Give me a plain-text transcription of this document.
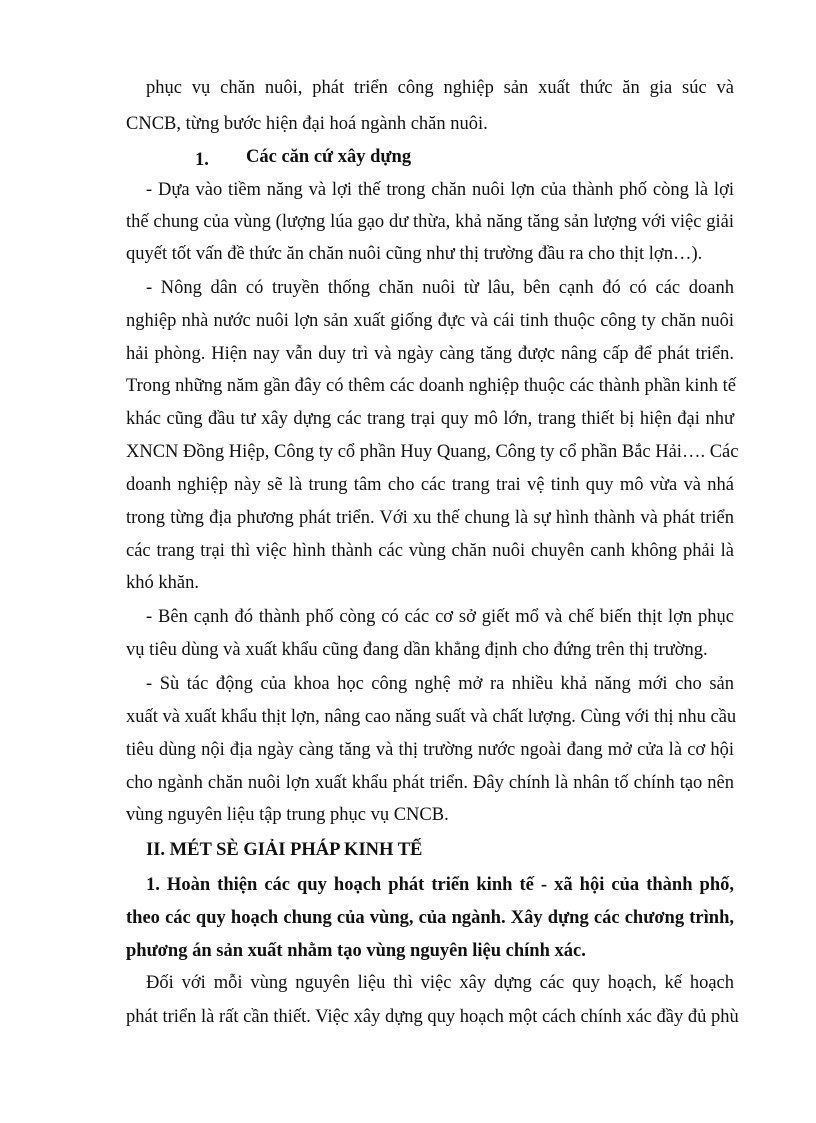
phục vụ chăn nuôi, phát triển công nghiệp sản xuất thức ăn gia súc và
CNCB, từng bước hiện đại hoá ngành chăn nuôi.
1. Các căn cứ xây dựng
- Dựa vào tiềm năng và lợi thế trong chăn nuôi lợn của thành phố còng là lợi
thế chung của vùng (lượng lúa gạo dư thừa, khả năng tăng sản lượng với việc giải
quyết tốt vấn đề thức ăn chăn nuôi cũng như thị trường đầu ra cho thịt lợn…).
- Nông dân có truyền thống chăn nuôi từ lâu, bên cạnh đó có các doanh
nghiệp nhà nước nuôi lợn sản xuất giống đực và cái tinh thuộc công ty chăn nuôi
hải phòng. Hiện nay vẫn duy trì và ngày càng tăng được nâng cấp để phát triển.
Trong những năm gần đây có thêm các doanh nghiệp thuộc các thành phần kinh tế
khác cũng đầu tư xây dựng các trang trại quy mô lớn, trang thiết bị hiện đại như
XNCN Đồng Hiệp, Công ty cổ phần Huy Quang, Công ty cổ phần Bắc Hải…. Các
doanh nghiệp này sẽ là trung tâm cho các trang trai vệ tinh quy mô vừa và nhá
trong từng địa phương phát triển. Với xu thế chung là sự hình thành và phát triển
các trang trại thì việc hình thành các vùng chăn nuôi chuyên canh không phải là
khó khăn.
- Bên cạnh đó thành phố còng có các cơ sở giết mổ và chế biến thịt lợn phục
vụ tiêu dùng và xuất khẩu cũng đang dần khẳng định cho đứng trên thị trường.
- Sù tác động của khoa học công nghệ mở ra nhiều khả năng mới cho sản
xuất và xuất khẩu thịt lợn, nâng cao năng suất và chất lượng. Cùng với thị nhu cầu
tiêu dùng nội địa ngày càng tăng và thị trường nước ngoài đang mở cửa là cơ hội
cho ngành chăn nuôi lợn xuất khẩu phát triển. Đây chính là nhân tố chính tạo nên
vùng nguyên liệu tập trung phục vụ CNCB.
II. MÉT SÈ GIẢI PHÁP KINH TẾ
1. Hoàn thiện các quy hoạch phát triển kinh tế - xã hội của thành phố,
theo các quy hoạch chung của vùng, của ngành. Xây dựng các chương trình,
phương án sản xuất nhằm tạo vùng nguyên liệu chính xác.
Đối với mỗi vùng nguyên liệu thì việc xây dựng các quy hoạch, kế hoạch
phát triển là rất cần thiết. Việc xây dựng quy hoạch một cách chính xác đầy đủ phù
